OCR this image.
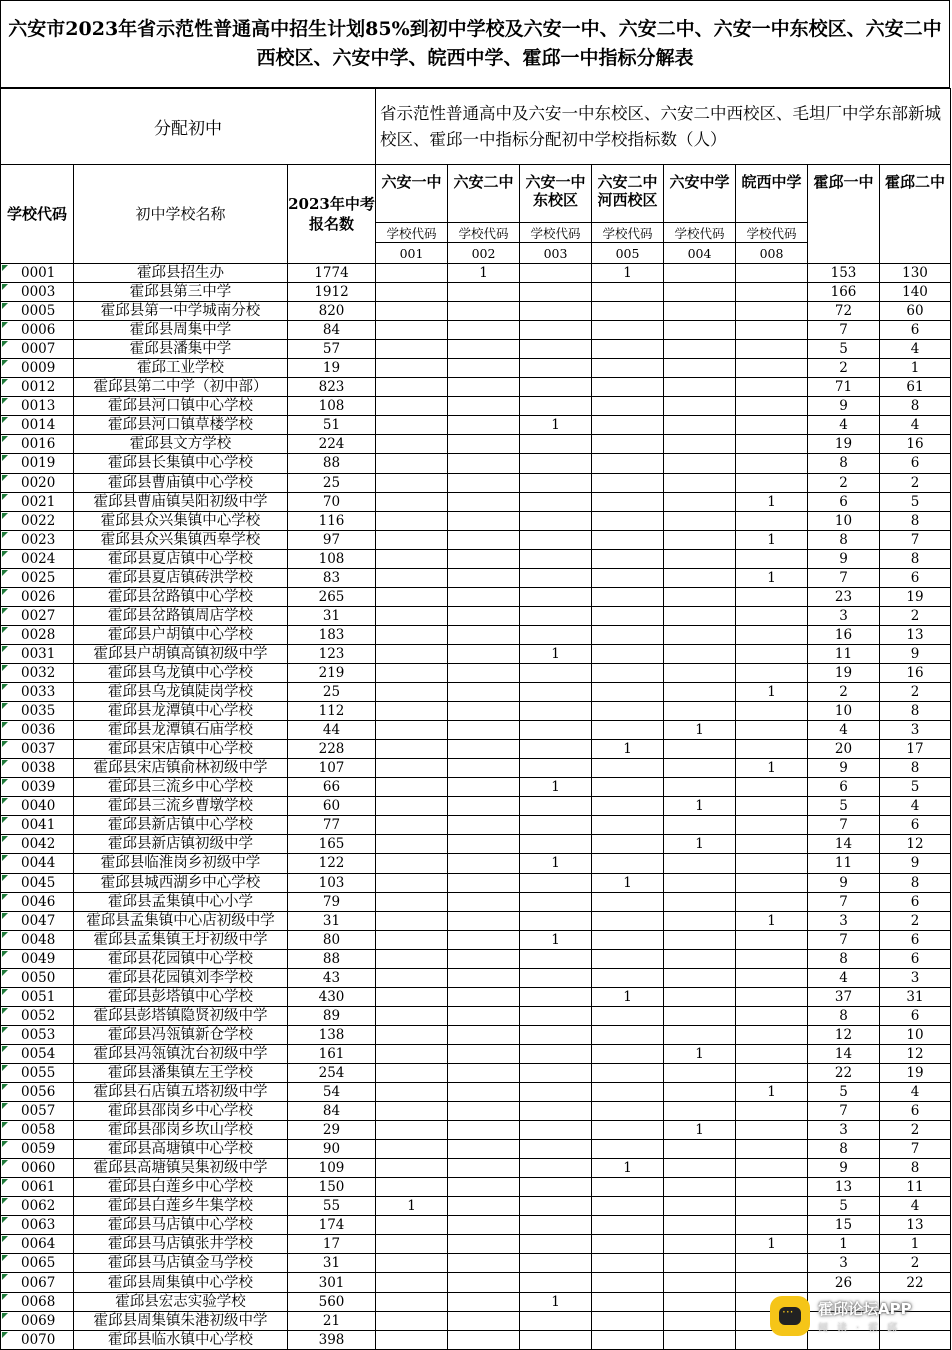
六安市2023年省示范性普通高中招生计划85%到初中学校及六安一中、六安二中、六安一中东校区、六安二中西校区、六安中学、皖西中学、霍邱一中指标分解表
分配初中			省示范性普通高中及六安一中东校区、六安二中西校区、毛坦厂中学东部新城校区、霍邱一中指标分配初中学校指标数（人）							
学校代码	初中学校名称	2023年中考报名数	六安一中	六安二中	六安一中东校区	六安二中河西校区	六安中学	皖西中学	霍邱一中	霍邱二中
			学校代码	学校代码	学校代码	学校代码	学校代码	学校代码		
			001	002	003	005	004	008		
0001	霍邱县招生办	1774		1		1			153	130
0003	霍邱县第三中学	1912							166	140
0005	霍邱县第一中学城南分校	820							72	60
0006	霍邱县周集中学	84							7	6
0007	霍邱县潘集中学	57							5	4
0009	霍邱工业学校	19							2	1
0012	霍邱县第二中学（初中部）	823							71	61
0013	霍邱县河口镇中心学校	108							9	8
0014	霍邱县河口镇草楼学校	51			1				4	4
0016	霍邱县文方学校	224							19	16
0019	霍邱县长集镇中心学校	88							8	6
0020	霍邱县曹庙镇中心学校	25							2	2
0021	霍邱县曹庙镇吴阳初级中学	70						1	6	5
0022	霍邱县众兴集镇中心学校	116							10	8
0023	霍邱县众兴集镇西皋学校	97						1	8	7
0024	霍邱县夏店镇中心学校	108							9	8
0025	霍邱县夏店镇砖洪学校	83						1	7	6
0026	霍邱县岔路镇中心学校	265							23	19
0027	霍邱县岔路镇周店学校	31							3	2
0028	霍邱县户胡镇中心学校	183							16	13
0031	霍邱县户胡镇高镇初级中学	123			1				11	9
0032	霍邱县乌龙镇中心学校	219							19	16
0033	霍邱县乌龙镇陡岗学校	25						1	2	2
0035	霍邱县龙潭镇中心学校	112							10	8
0036	霍邱县龙潭镇石庙学校	44					1		4	3
0037	霍邱县宋店镇中心学校	228				1			20	17
0038	霍邱县宋店镇俞林初级中学	107						1	9	8
0039	霍邱县三流乡中心学校	66			1				6	5
0040	霍邱县三流乡曹墩学校	60					1		5	4
0041	霍邱县新店镇中心学校	77							7	6
0042	霍邱县新店镇初级中学	165					1		14	12
0044	霍邱县临淮岗乡初级中学	122			1				11	9
0045	霍邱县城西湖乡中心学校	103				1			9	8
0046	霍邱县孟集镇中心小学	79							7	6
0047	霍邱县孟集镇中心店初级中学	31						1	3	2
0048	霍邱县孟集镇王圩初级中学	80			1				7	6
0049	霍邱县花园镇中心学校	88							8	6
0050	霍邱县花园镇刘李学校	43							4	3
0051	霍邱县彭塔镇中心学校	430				1			37	31
0052	霍邱县彭塔镇隐贤初级中学	89							8	6
0053	霍邱县冯瓴镇新仓学校	138							12	10
0054	霍邱县冯瓴镇沈台初级中学	161					1		14	12
0055	霍邱县潘集镇左王学校	254							22	19
0056	霍邱县石店镇五塔初级中学	54						1	5	4
0057	霍邱县邵岗乡中心学校	84							7	6
0058	霍邱县邵岗乡坎山学校	29					1		3	2
0059	霍邱县高塘镇中心学校	90							8	7
0060	霍邱县高塘镇吴集初级中学	109				1			9	8
0061	霍邱县白莲乡中心学校	150							13	11
0062	霍邱县白莲乡牛集学校	55	1						5	4
0063	霍邱县马店镇中心学校	174							15	13
0064	霍邱县马店镇张井学校	17						1	1	1
0065	霍邱县马店镇金马学校	31							3	2
0067	霍邱县周集镇中心学校	301							26	22
0068	霍邱县宏志实验学校	560			1					
0069	霍邱县周集镇朱港初级中学	21								
0070	霍邱县临水镇中心学校	398								
···
霍邱论坛APP
阅读·霍邱
